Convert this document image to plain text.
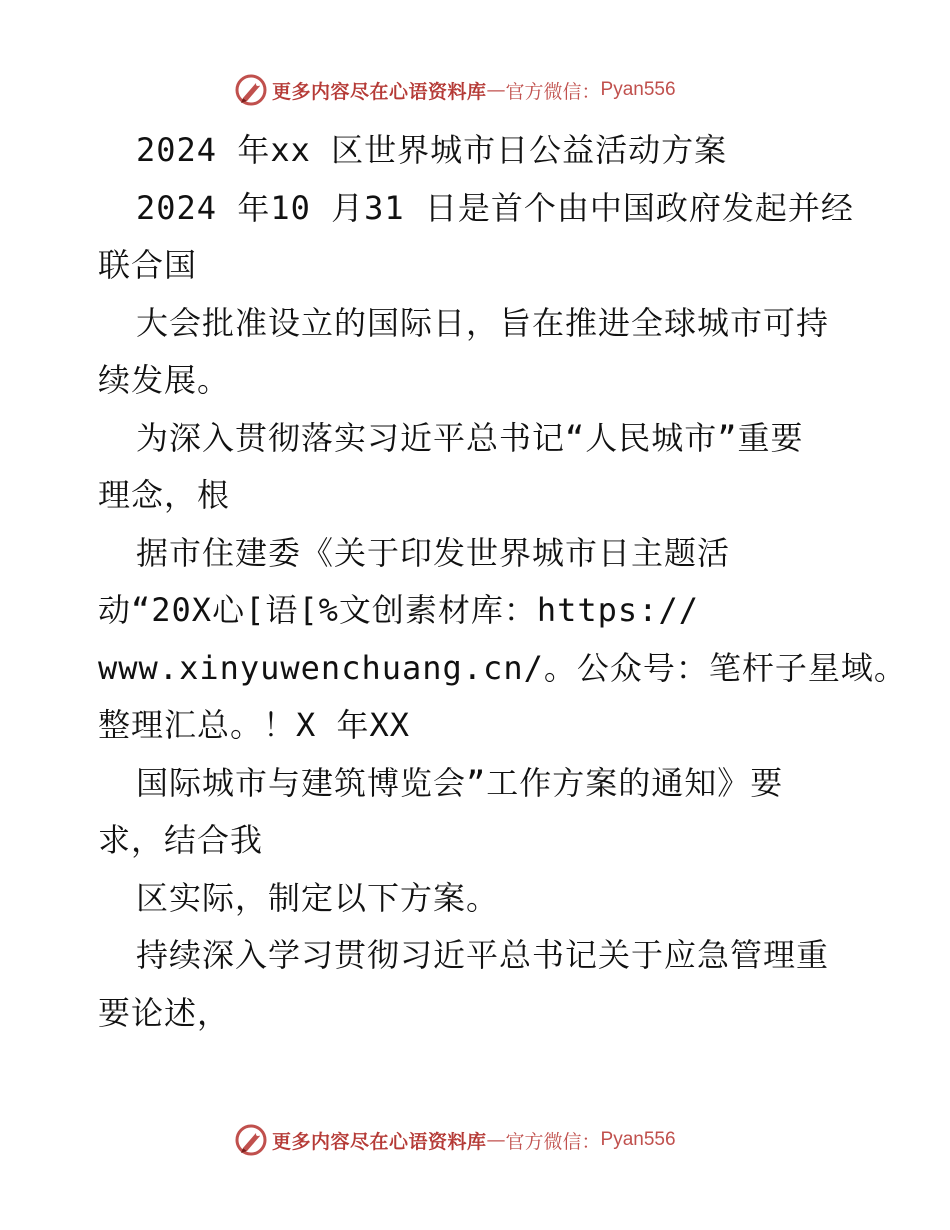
更多内容尽在心语资料库 — 官方微信： Pyan556
2024 年xx 区世界城市日公益活动方案
2024 年10 月31 日是首个由中国政府发起并经
联合国
大会批准设立的国际日，旨在推进全球城市可持
续发展。
为深入贯彻落实习近平总书记“人民城市”重要
理念，根
据市住建委《关于印发世界城市日主题活
动“20X心[语[%文创素材库：https://
www.xinyuwenchuang.cn/。公众号：笔杆子星域。
整理汇总。！X 年XX
国际城市与建筑博览会”工作方案的通知》要
求，结合我
区实际，制定以下方案。
持续深入学习贯彻习近平总书记关于应急管理重
要论述，
更多内容尽在心语资料库 — 官方微信： Pyan556
